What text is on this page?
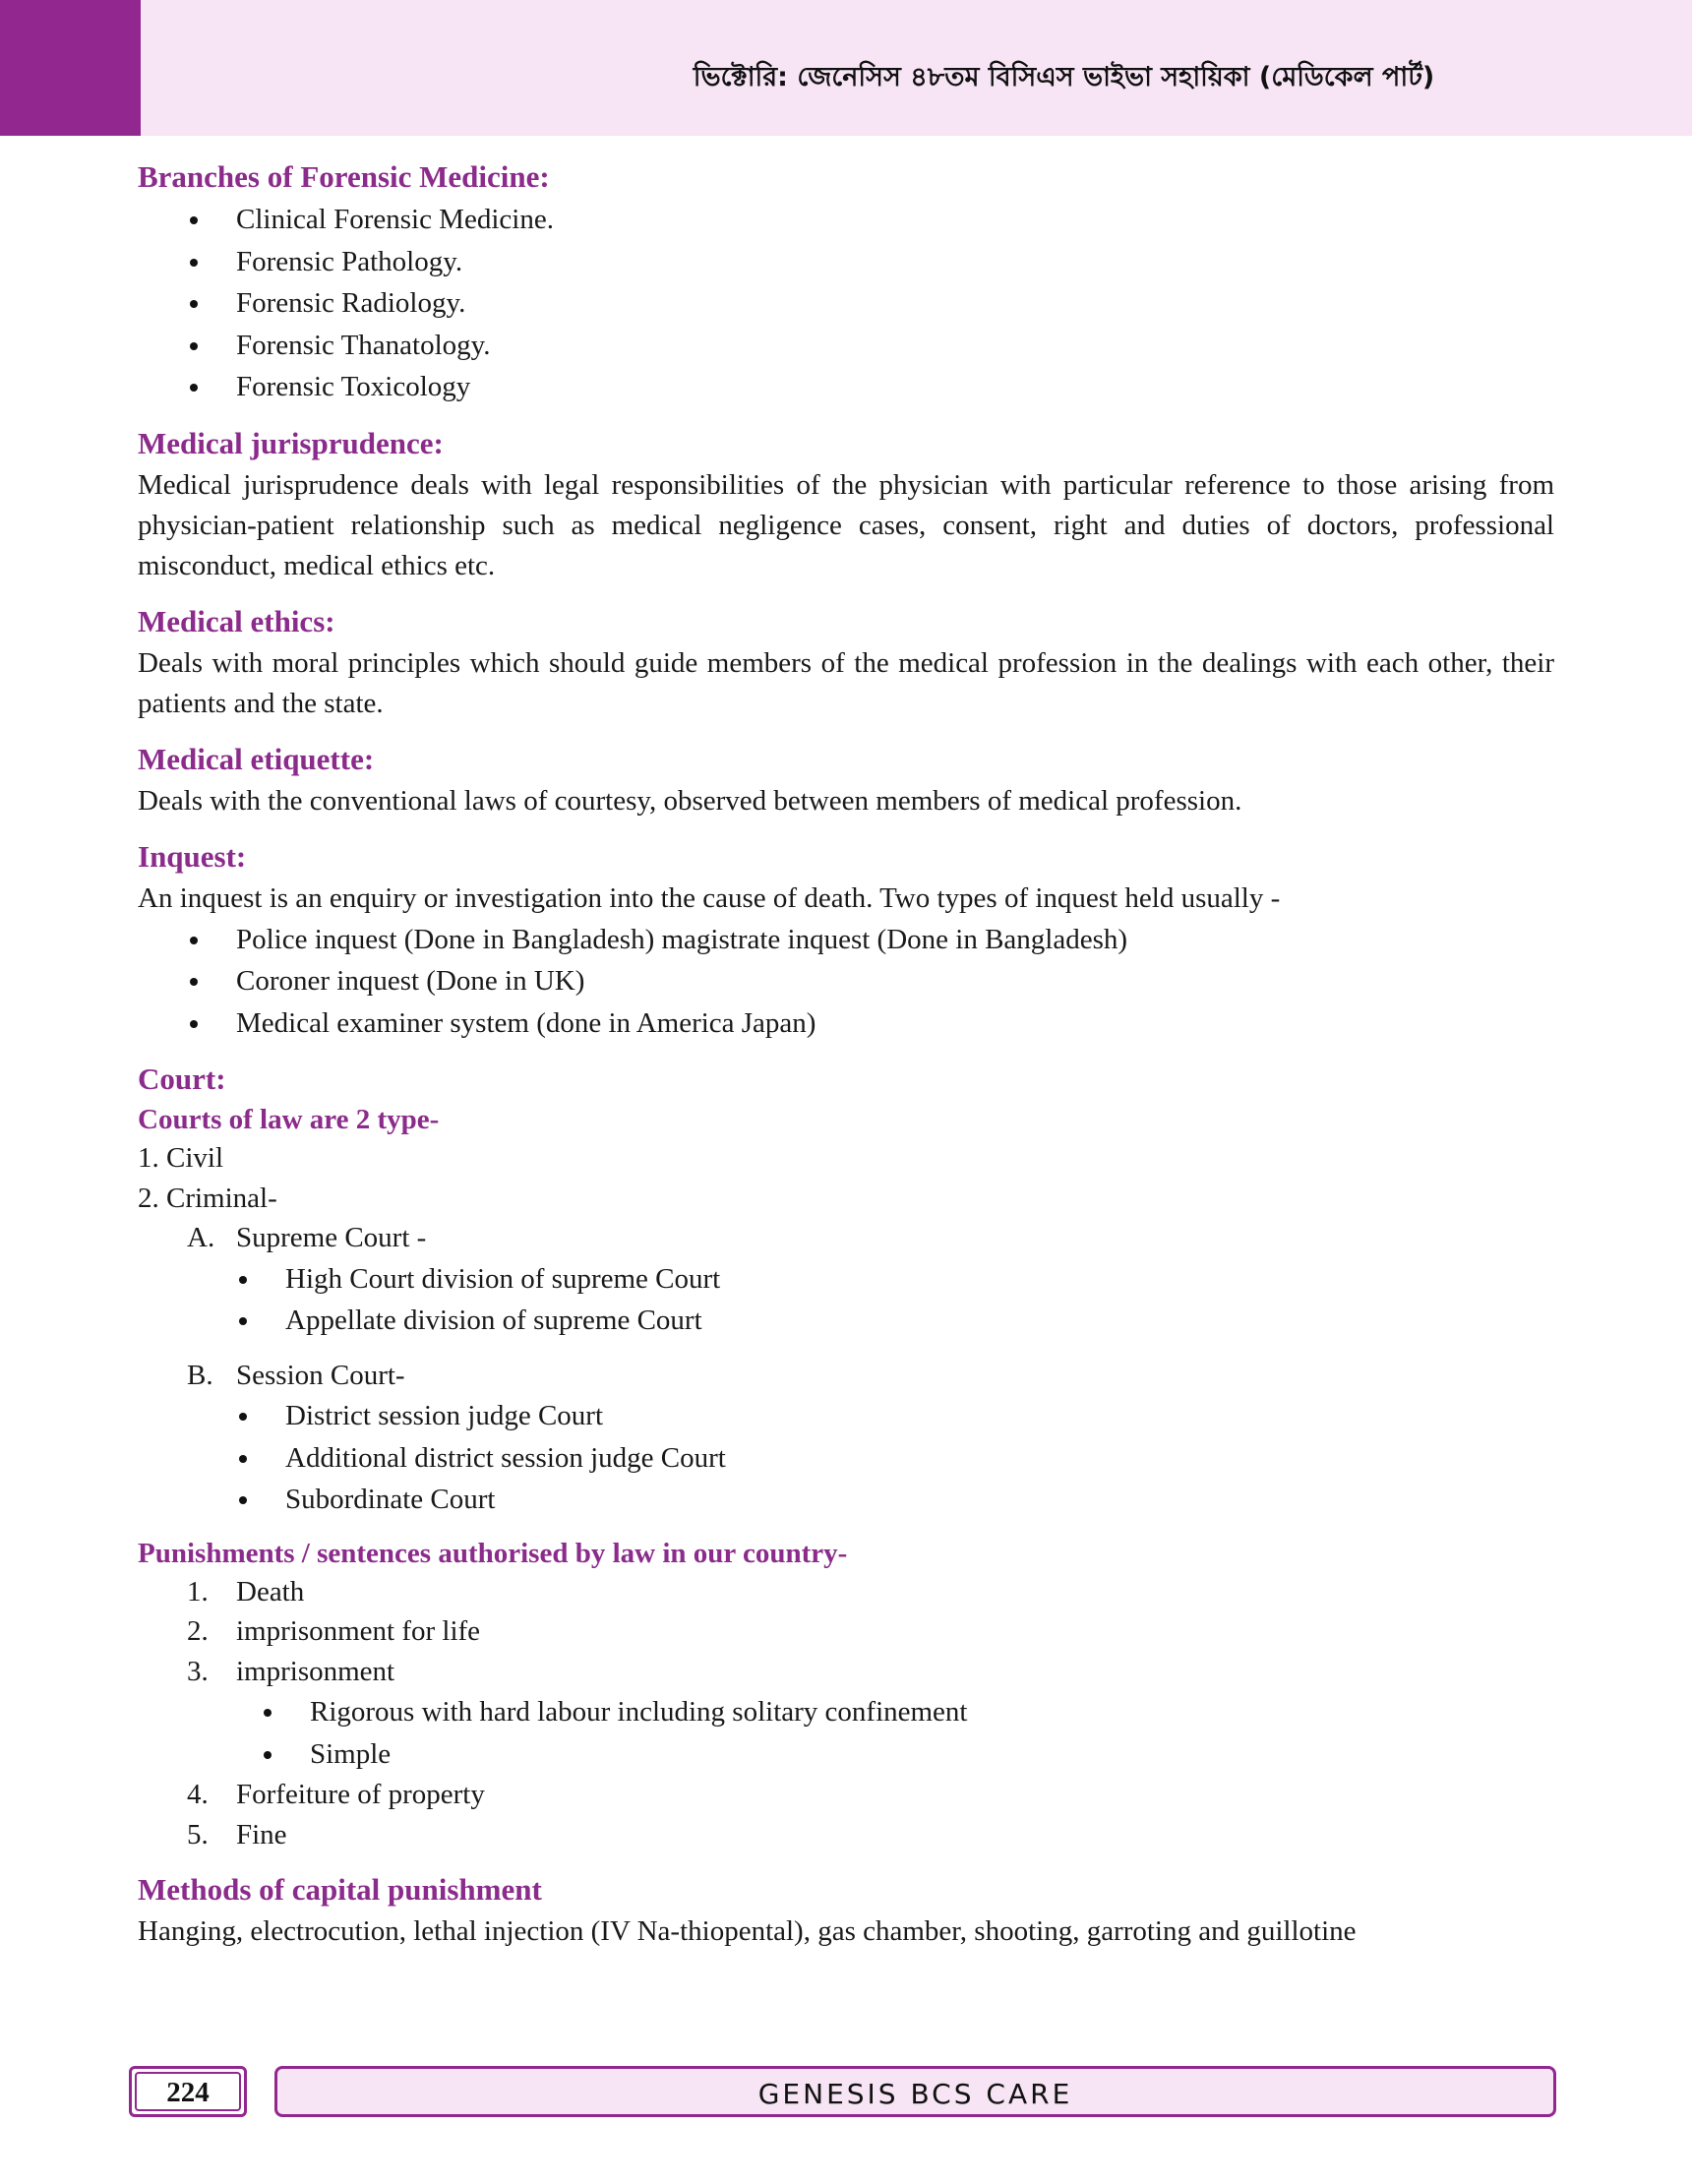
ভিক্টোরি: জেনেসিস ৪৮তম বিসিএস ভাইভা সহায়িকা (মেডিকেল পার্ট)
Branches of Forensic Medicine:
Clinical Forensic Medicine.
Forensic Pathology.
Forensic Radiology.
Forensic Thanatology.
Forensic Toxicology
Medical jurisprudence:

Medical jurisprudence deals with legal responsibilities of the physician with particular reference to those arising from physician-patient relationship such as medical negligence cases, consent, right and duties of doctors, professional misconduct, medical ethics etc.

Medical ethics:

Deals with moral principles which should guide members of the medical profession in the dealings with each other, their patients and the state.

Medical etiquette:

Deals with the conventional laws of courtesy, observed between members of medical profession.

Inquest:

An inquest is an enquiry or investigation into the cause of death. Two types of inquest held usually -

Police inquest (Done in Bangladesh) magistrate inquest (Done in Bangladesh)
Coroner inquest (Done in UK)
Medical examiner system (done in America Japan)
Court:
Courts of law are 2 type-
1. Civil
2. Criminal-
A. Supreme Court -
High Court division of supreme Court
Appellate division of supreme Court
B. Session Court-
District session judge Court
Additional district session judge Court
Subordinate Court
Punishments / sentences authorised by law in our country-
1. Death
2. imprisonment for life
3. imprisonment
Rigorous with hard labour including solitary confinement
Simple
4. Forfeiture of property
5. Fine
Methods of capital punishment

Hanging, electrocution, lethal injection (IV Na-thiopental), gas chamber, shooting, garroting and guillotine

224	GENESIS BCS CARE
